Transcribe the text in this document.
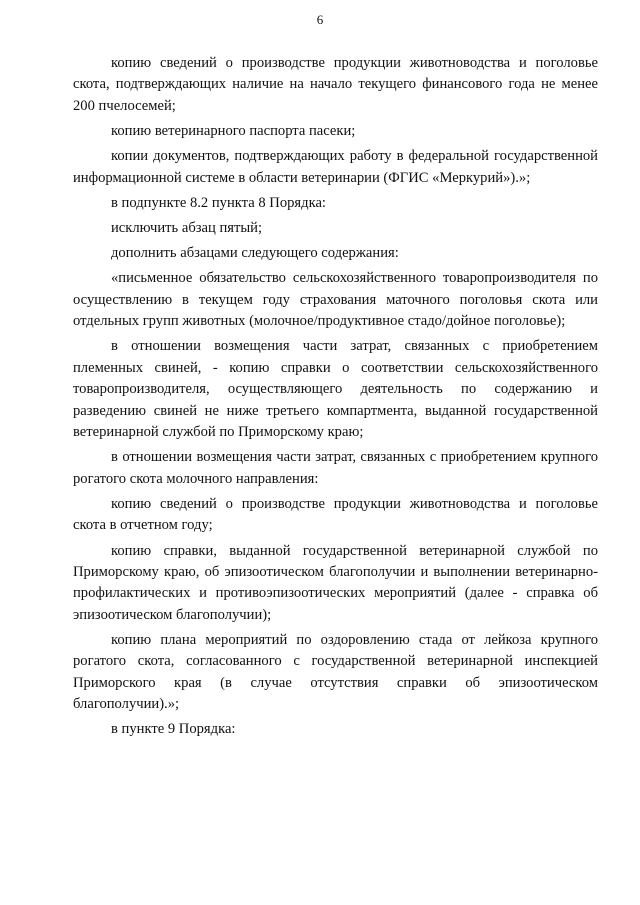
6

копию сведений о производстве продукции животноводства и поголовье скота, подтверждающих наличие на начало текущего финансового года не менее 200 пчелосемей;

копию ветеринарного паспорта пасеки;

копии документов, подтверждающих работу в федеральной государственной информационной системе в области ветеринарии (ФГИС «Меркурий»).»;

в подпункте 8.2 пункта 8 Порядка:

исключить абзац пятый;

дополнить абзацами следующего содержания:

«письменное обязательство сельскохозяйственного товаропроизводителя по осуществлению в текущем году страхования маточного поголовья скота или отдельных групп животных (молочное/продуктивное стадо/дойное поголовье);

в отношении возмещения части затрат, связанных с приобретением племенных свиней, - копию справки о соответствии сельскохозяйственного товаропроизводителя, осуществляющего деятельность по содержанию и разведению свиней не ниже третьего компартмента, выданной государственной ветеринарной службой по Приморскому краю;

в отношении возмещения части затрат, связанных с приобретением крупного рогатого скота молочного направления:

копию сведений о производстве продукции животноводства и поголовье скота в отчетном году;

копию справки, выданной государственной ветеринарной службой по Приморскому краю, об эпизоотическом благополучии и выполнении ветеринарно-профилактических и противоэпизоотических мероприятий (далее - справка об эпизоотическом благополучии);

копию плана мероприятий по оздоровлению стада от лейкоза крупного рогатого скота, согласованного с государственной ветеринарной инспекцией Приморского края (в случае отсутствия справки об эпизоотическом благополучии).»;

в пункте 9 Порядка:
